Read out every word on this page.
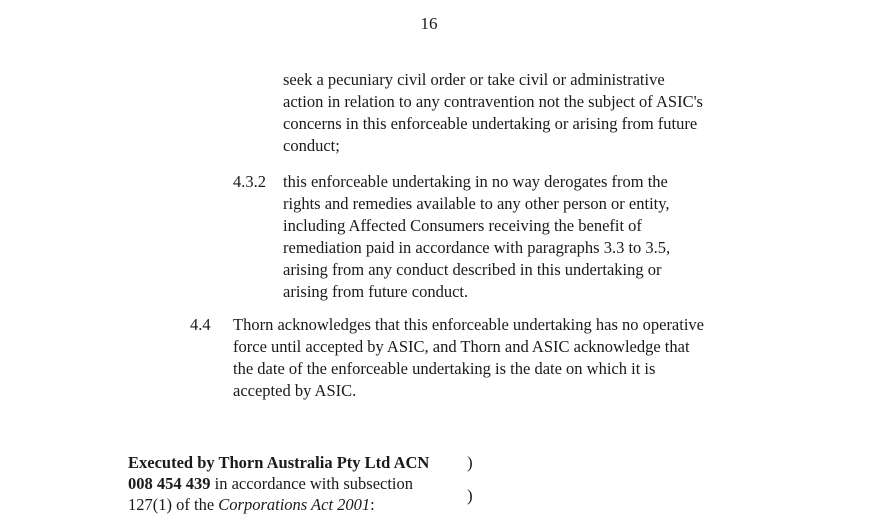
16
seek a pecuniary civil order or take civil or administrative
action in relation to any contravention not the subject of ASIC's
concerns in this enforceable undertaking or arising from future
conduct;
4.3.2 this enforceable undertaking in no way derogates from the
rights and remedies available to any other person or entity,
including Affected Consumers receiving the benefit of
remediation paid in accordance with paragraphs 3.3 to 3.5,
arising from any conduct described in this undertaking or
arising from future conduct.
4.4 Thorn acknowledges that this enforceable undertaking has no operative
force until accepted by ASIC, and Thorn and ASIC acknowledge that
the date of the enforceable undertaking is the date on which it is
accepted by ASIC.
Executed by Thorn Australia Pty Ltd ACN
008 454 439 in accordance with subsection
127(1) of the Corporations Act 2001:
)
)
